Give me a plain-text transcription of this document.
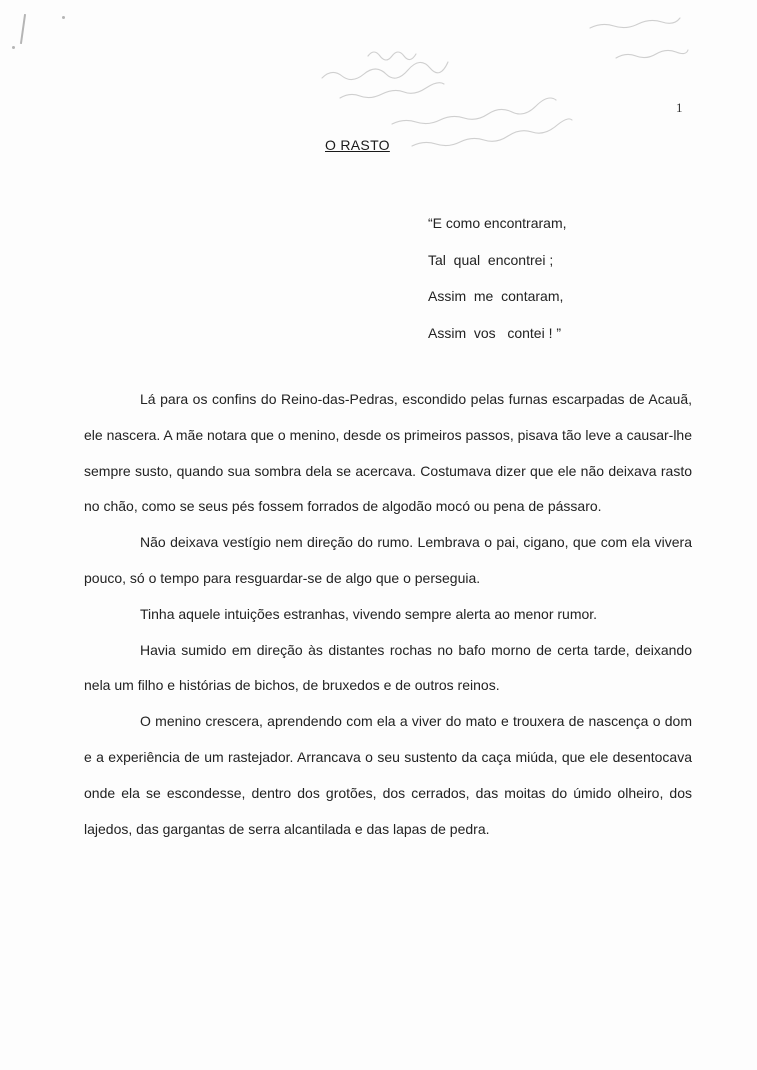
1
O RASTO
“E como encontraram,
Tal  qual  encontrei ;
Assim  me  contaram,
Assim  vos   contei ! ”

Lá para os confins do Reino-das-Pedras, escondido pelas furnas escarpadas de Acauã, ele nascera. A mãe notara que o menino, desde os primeiros passos, pisava tão leve a causar-lhe sempre susto, quando sua sombra dela se acercava. Costumava dizer que ele não deixava rasto no chão, como se seus pés fossem forrados de algodão mocó ou pena de pássaro.

Não deixava vestígio nem direção do rumo. Lembrava o pai, cigano, que com ela vivera pouco, só o tempo para resguardar-se de algo que o perseguia.

Tinha aquele intuições estranhas, vivendo sempre alerta ao menor rumor.

Havia sumido em direção às distantes rochas no bafo morno de certa tarde, deixando nela um filho e histórias de bichos, de bruxedos e de outros reinos.

O menino crescera, aprendendo com ela a viver do mato e trouxera de nascença o dom e a experiência de um rastejador. Arrancava o seu sustento da caça miúda, que ele desentocava onde ela se escondesse, dentro dos grotões, dos cerrados, das moitas do úmido olheiro, dos lajedos, das gargantas de serra alcantilada e das lapas de pedra.
